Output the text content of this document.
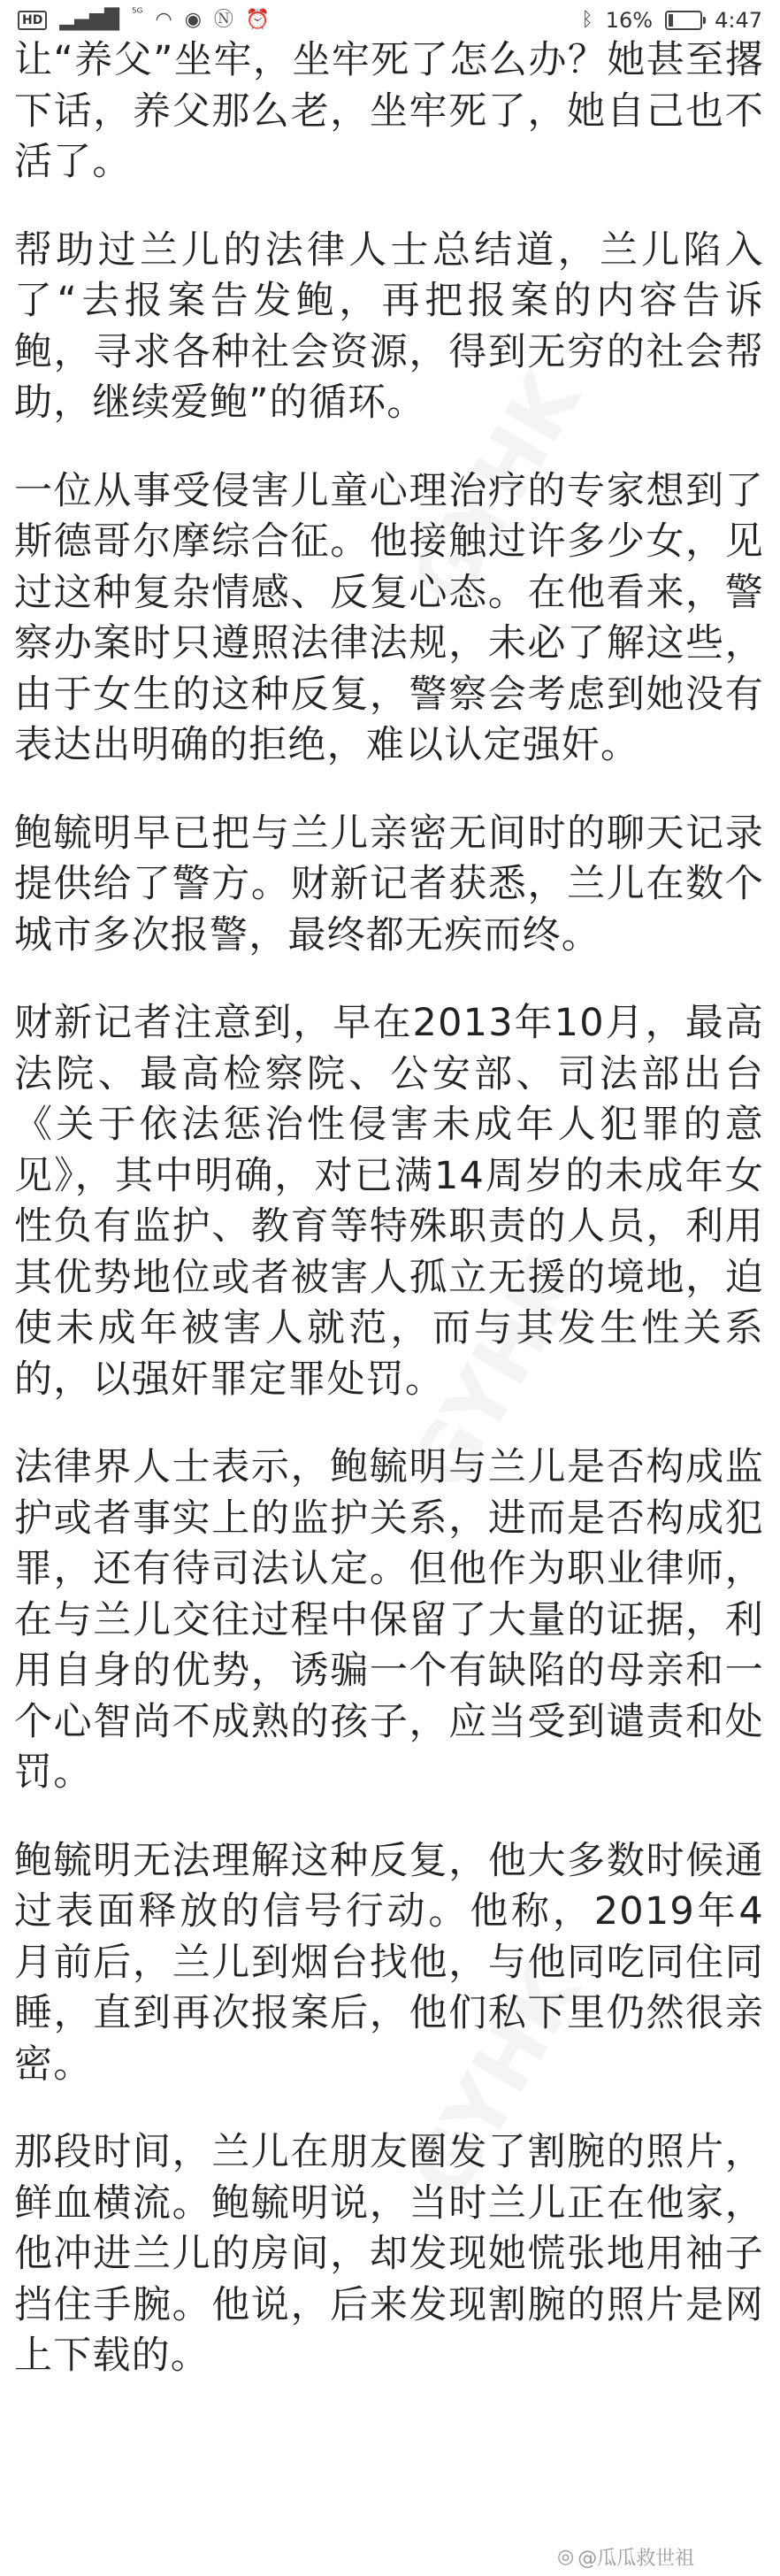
HD ▂▄▆█ ⁵ᴳ ◠ ◉ Ⓝ ⏰	ᛒ 16%	4:47
GYHK
GYHK
GYHK

让“养父”坐牢，坐牢死了怎么办？她甚至撂下话，养父那么老，坐牢死了，她自己也不活了。

帮助过兰儿的法律人士总结道，兰儿陷入了“去报案告发鲍，再把报案的内容告诉鲍，寻求各种社会资源，得到无穷的社会帮助，继续爱鲍”的循环。

一位从事受侵害儿童心理治疗的专家想到了斯德哥尔摩综合征。他接触过许多少女，见过这种复杂情感、反复心态。在他看来，警察办案时只遵照法律法规，未必了解这些，由于女生的这种反复，警察会考虑到她没有表达出明确的拒绝，难以认定强奸。

鲍毓明早已把与兰儿亲密无间时的聊天记录提供给了警方。财新记者获悉，兰儿在数个城市多次报警，最终都无疾而终。

财新记者注意到，早在2013年10月，最高法院、最高检察院、公安部、司法部出台《关于依法惩治性侵害未成年人犯罪的意见》，其中明确，对已满14周岁的未成年女性负有监护、教育等特殊职责的人员，利用其优势地位或者被害人孤立无援的境地，迫使未成年被害人就范，而与其发生性关系的，以强奸罪定罪处罚。

法律界人士表示，鲍毓明与兰儿是否构成监护或者事实上的监护关系，进而是否构成犯罪，还有待司法认定。但他作为职业律师，在与兰儿交往过程中保留了大量的证据，利用自身的优势，诱骗一个有缺陷的母亲和一个心智尚不成熟的孩子，应当受到谴责和处罚。

鲍毓明无法理解这种反复，他大多数时候通过表面释放的信号行动。他称，2019年4月前后，兰儿到烟台找他，与他同吃同住同睡，直到再次报案后，他们私下里仍然很亲密。

那段时间，兰儿在朋友圈发了割腕的照片，鲜血横流。鲍毓明说，当时兰儿正在他家，他冲进兰儿的房间，却发现她慌张地用袖子挡住手腕。他说，后来发现割腕的照片是网上下载的。

◎ @瓜瓜救世祖
